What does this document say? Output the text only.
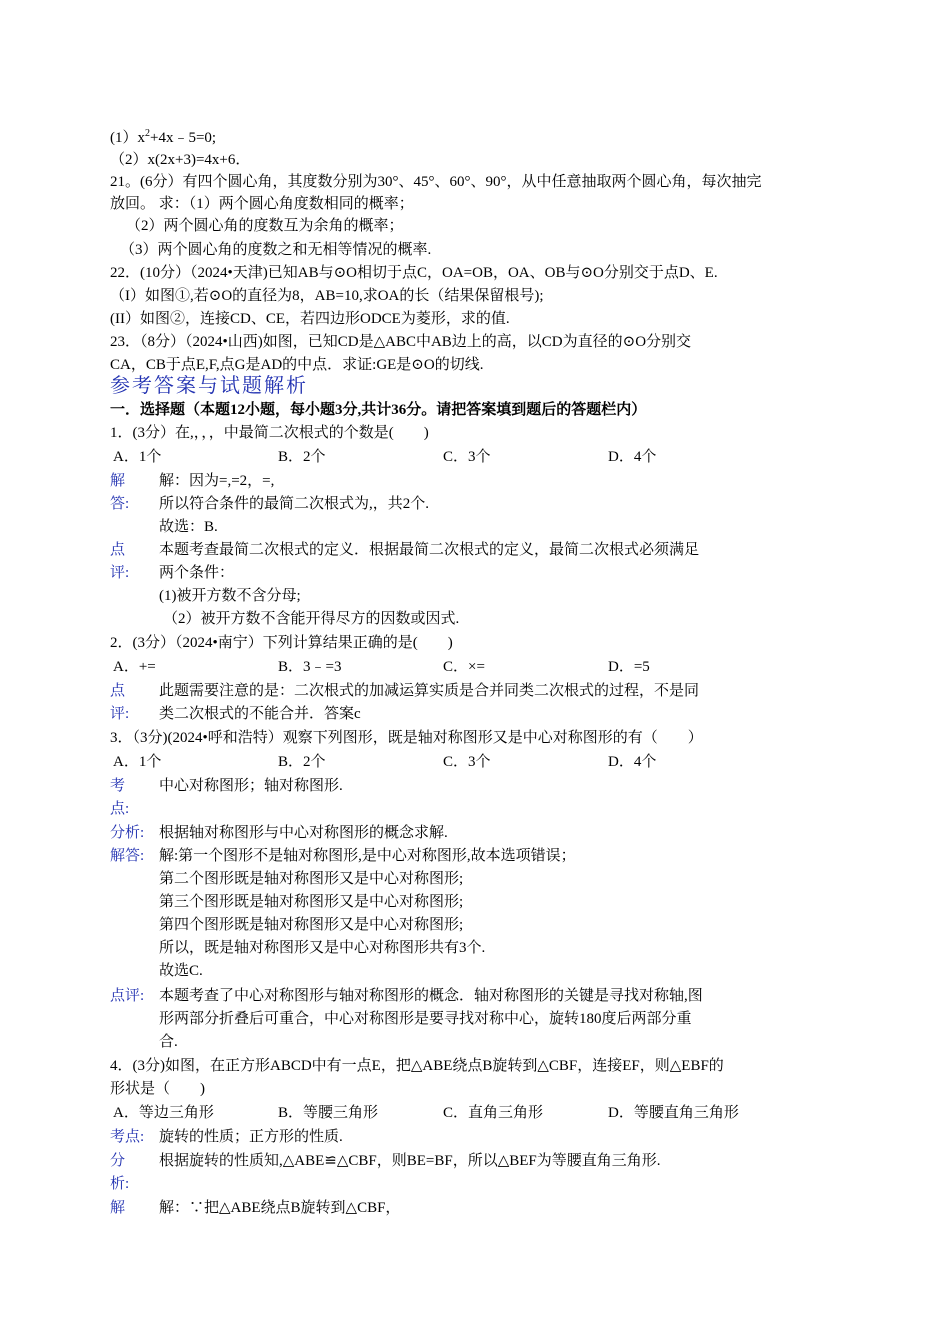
$(1)x^2+4x﹣5=0$;
（2）x(2x+3)=4x+6．
21。(6分）有四个圆心角，其度数分别为30°、45°、60°、90°，从中任意抽取两个圆心角，每次抽完
放回。 求：（1）两个圆心角度数相同的概率；
（2）两个圆心角的度数互为余角的概率；
（3）两个圆心角的度数之和无相等情况的概率.
22．(10分）（2024•天津)已知AB与⊙O相切于点C，OA=OB，OA、OB与⊙O分别交于点D、E.
（I）如图①,若⊙O的直径为8，AB=10,求OA的长（结果保留根号);
(II）如图②，连接CD、CE，若四边形ODCE为菱形，求的值.
23．（8分）（2024•山西)如图，已知CD是△ABC中AB边上的高，以CD为直径的⊙O分别交
CA，CB于点E,F,点G是AD的中点．求证:GE是⊙O的切线.
参考答案与试题解析
一．选择题（本题12小题，每小题3分,共计36分。请把答案填到题后的答题栏内）
1．(3分）在,，，，中最简二次根式的个数是(　　)
A．1个	B．2个	C．3个	D．4个
解
答:
解：因为=,=2，=,
所以符合条件的最简二次根式为,，共2个.
故选：B.
点
评:
本题考查最简二次根式的定义．根据最简二次根式的定义，最简二次根式必须满足
两个条件：
(1)被开方数不含分母;
（2）被开方数不含能开得尽方的因数或因式.
2．(3分）（2024•南宁）下列计算结果正确的是(　　)
A．+=	B．3﹣=3	C．×=	D．=5
点
评:
此题需要注意的是：二次根式的加减运算实质是合并同类二次根式的过程，不是同
类二次根式的不能合并．答案c
3．（3分)(2024•呼和浩特）观察下列图形，既是轴对称图形又是中心对称图形的有（　　）
A．1个	B．2个	C．3个	D．4个
考
点:
中心对称图形；轴对称图形.
分析: 根据轴对称图形与中心对称图形的概念求解.
解答: 解:第一个图形不是轴对称图形,是中心对称图形,故本选项错误；
第二个图形既是轴对称图形又是中心对称图形;
第三个图形既是轴对称图形又是中心对称图形;
第四个图形既是轴对称图形又是中心对称图形;
所以，既是轴对称图形又是中心对称图形共有3个.
故选C.
点评: 本题考查了中心对称图形与轴对称图形的概念．轴对称图形的关键是寻找对称轴,图
形两部分折叠后可重合，中心对称图形是要寻找对称中心，旋转180度后两部分重
合.
4．(3分)如图，在正方形ABCD中有一点E，把△ABE绕点B旋转到△CBF，连接EF，则△EBF的
形状是（　　)
A．等边三角形	B．等腰三角形	C．直角三角形	D．等腰直角三角形
考点: 旋转的性质；正方形的性质.
分
析:
根据旋转的性质知,△ABE≌△CBF，则BE=BF，所以△BEF为等腰直角三角形.
解 解：∵把△ABE绕点B旋转到△CBF，
